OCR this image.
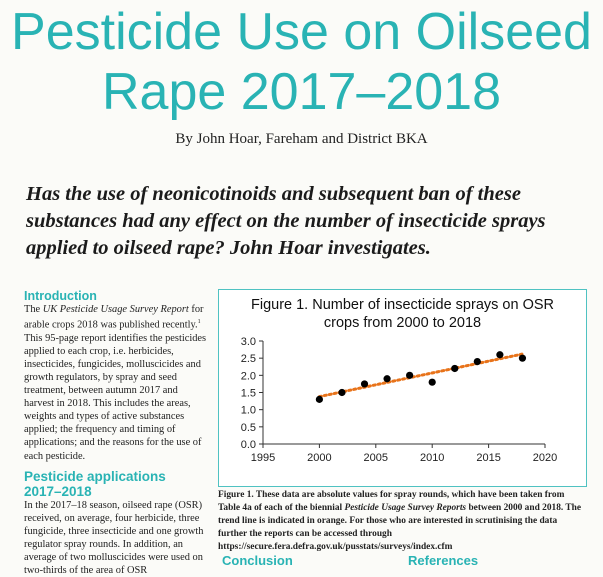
Pesticide Use on Oilseed
Rape 2017–2018
By John Hoar, Fareham and District BKA
Has the use of neonicotinoids and subsequent ban of these substances had any effect on the number of insecticide sprays applied to oilseed rape? John Hoar investigates.
Introduction

The UK Pesticide Usage Survey Report for arable crops 2018 was published recently.$^1$ This 95-page report identifies the pesticides applied to each crop, i.e. herbicides, insecticides, fungicides, molluscicides and growth regulators, by spray and seed treatment, between autumn 2017 and harvest in 2018. This includes the areas, weights and types of active substances applied; the frequency and timing of applications; and the reasons for the use of each pesticide.

Pesticide applications
2017–2018

In the 2017–18 season, oilseed rape (OSR) received, on average, four herbicide, three fungicide, three insecticide and one growth regulator spray rounds. In addition, an average of two molluscicides were used on two-thirds of the area of OSR

Figure 1. Number of insecticide sprays on OSR
crops from 2000 to 2018
0.0
0.5
1.0
1.5
2.0
2.5
3.0
1995	2000	2005	2010	2015	2020
Figure 1. These data are absolute values for spray rounds, which have been taken from Table 4a of each of the biennial Pesticide Usage Survey Reports between 2000 and 2018. The trend line is indicated in orange. For those who are interested in scrutinising the data further the reports can be accessed through https://secure.fera.defra.gov.uk/pusstats/surveys/index.cfm
Conclusion	References
